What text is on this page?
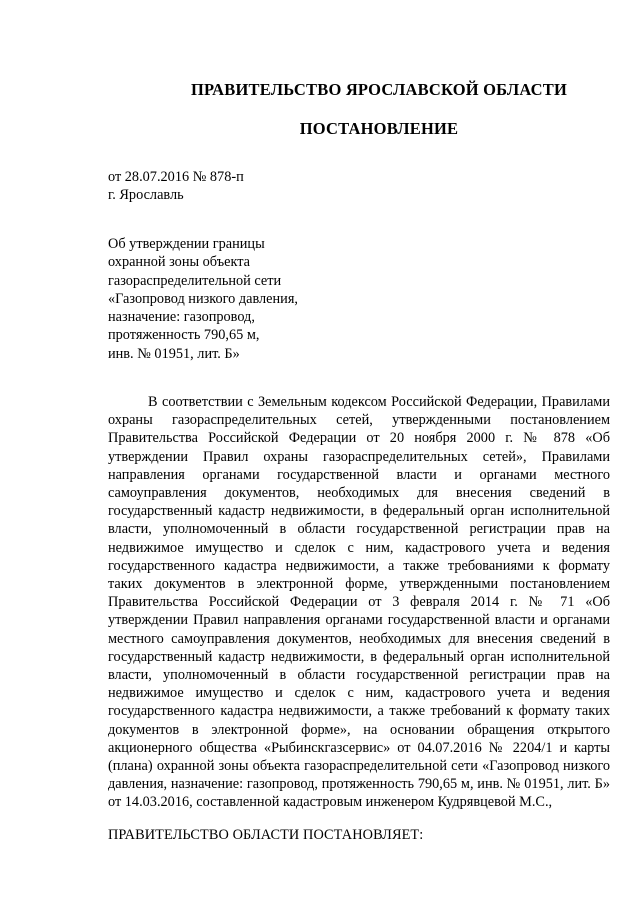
ПРАВИТЕЛЬСТВО ЯРОСЛАВСКОЙ ОБЛАСТИ
ПОСТАНОВЛЕНИЕ
от 28.07.2016 № 878-п
г. Ярославль
Об утверждении границы
охранной зоны объекта
газораспределительной сети
«Газопровод низкого давления,
назначение: газопровод,
протяженность 790,65 м,
инв. № 01951, лит. Б»

В соответствии с Земельным кодексом Российской Федерации, Правилами охраны газораспределительных сетей, утвержденными постановлением Правительства Российской Федерации от 20 ноября 2000 г. № 878 «Об утверждении Правил охраны газораспределительных сетей», Правилами направления органами государственной власти и органами местного самоуправления документов, необходимых для внесения сведений в государственный кадастр недвижимости, в федеральный орган исполнительной власти, уполномоченный в области государственной регистрации прав на недвижимое имущество и сделок с ним, кадастрового учета и ведения государственного кадастра недвижимости, а также требованиями к формату таких документов в электронной форме, утвержденными постановлением Правительства Российской Федерации от 3 февраля 2014 г. № 71 «Об утверждении Правил направления органами государственной власти и органами местного самоуправления документов, необходимых для внесения сведений в государственный кадастр недвижимости, в федеральный орган исполнительной власти, уполномоченный в области государственной регистрации прав на недвижимое имущество и сделок с ним, кадастрового учета и ведения государственного кадастра недвижимости, а также требований к формату таких документов в электронной форме», на основании обращения открытого акционерного общества «Рыбинскгазсервис» от 04.07.2016 № 2204/1 и карты (плана) охранной зоны объекта газораспределительной сети «Газопровод низкого давления, назначение: газопровод, протяженность 790,65 м, инв. № 01951, лит. Б» от 14.03.2016, составленной кадастровым инженером Кудрявцевой М.С.,

ПРАВИТЕЛЬСТВО ОБЛАСТИ ПОСТАНОВЛЯЕТ:
